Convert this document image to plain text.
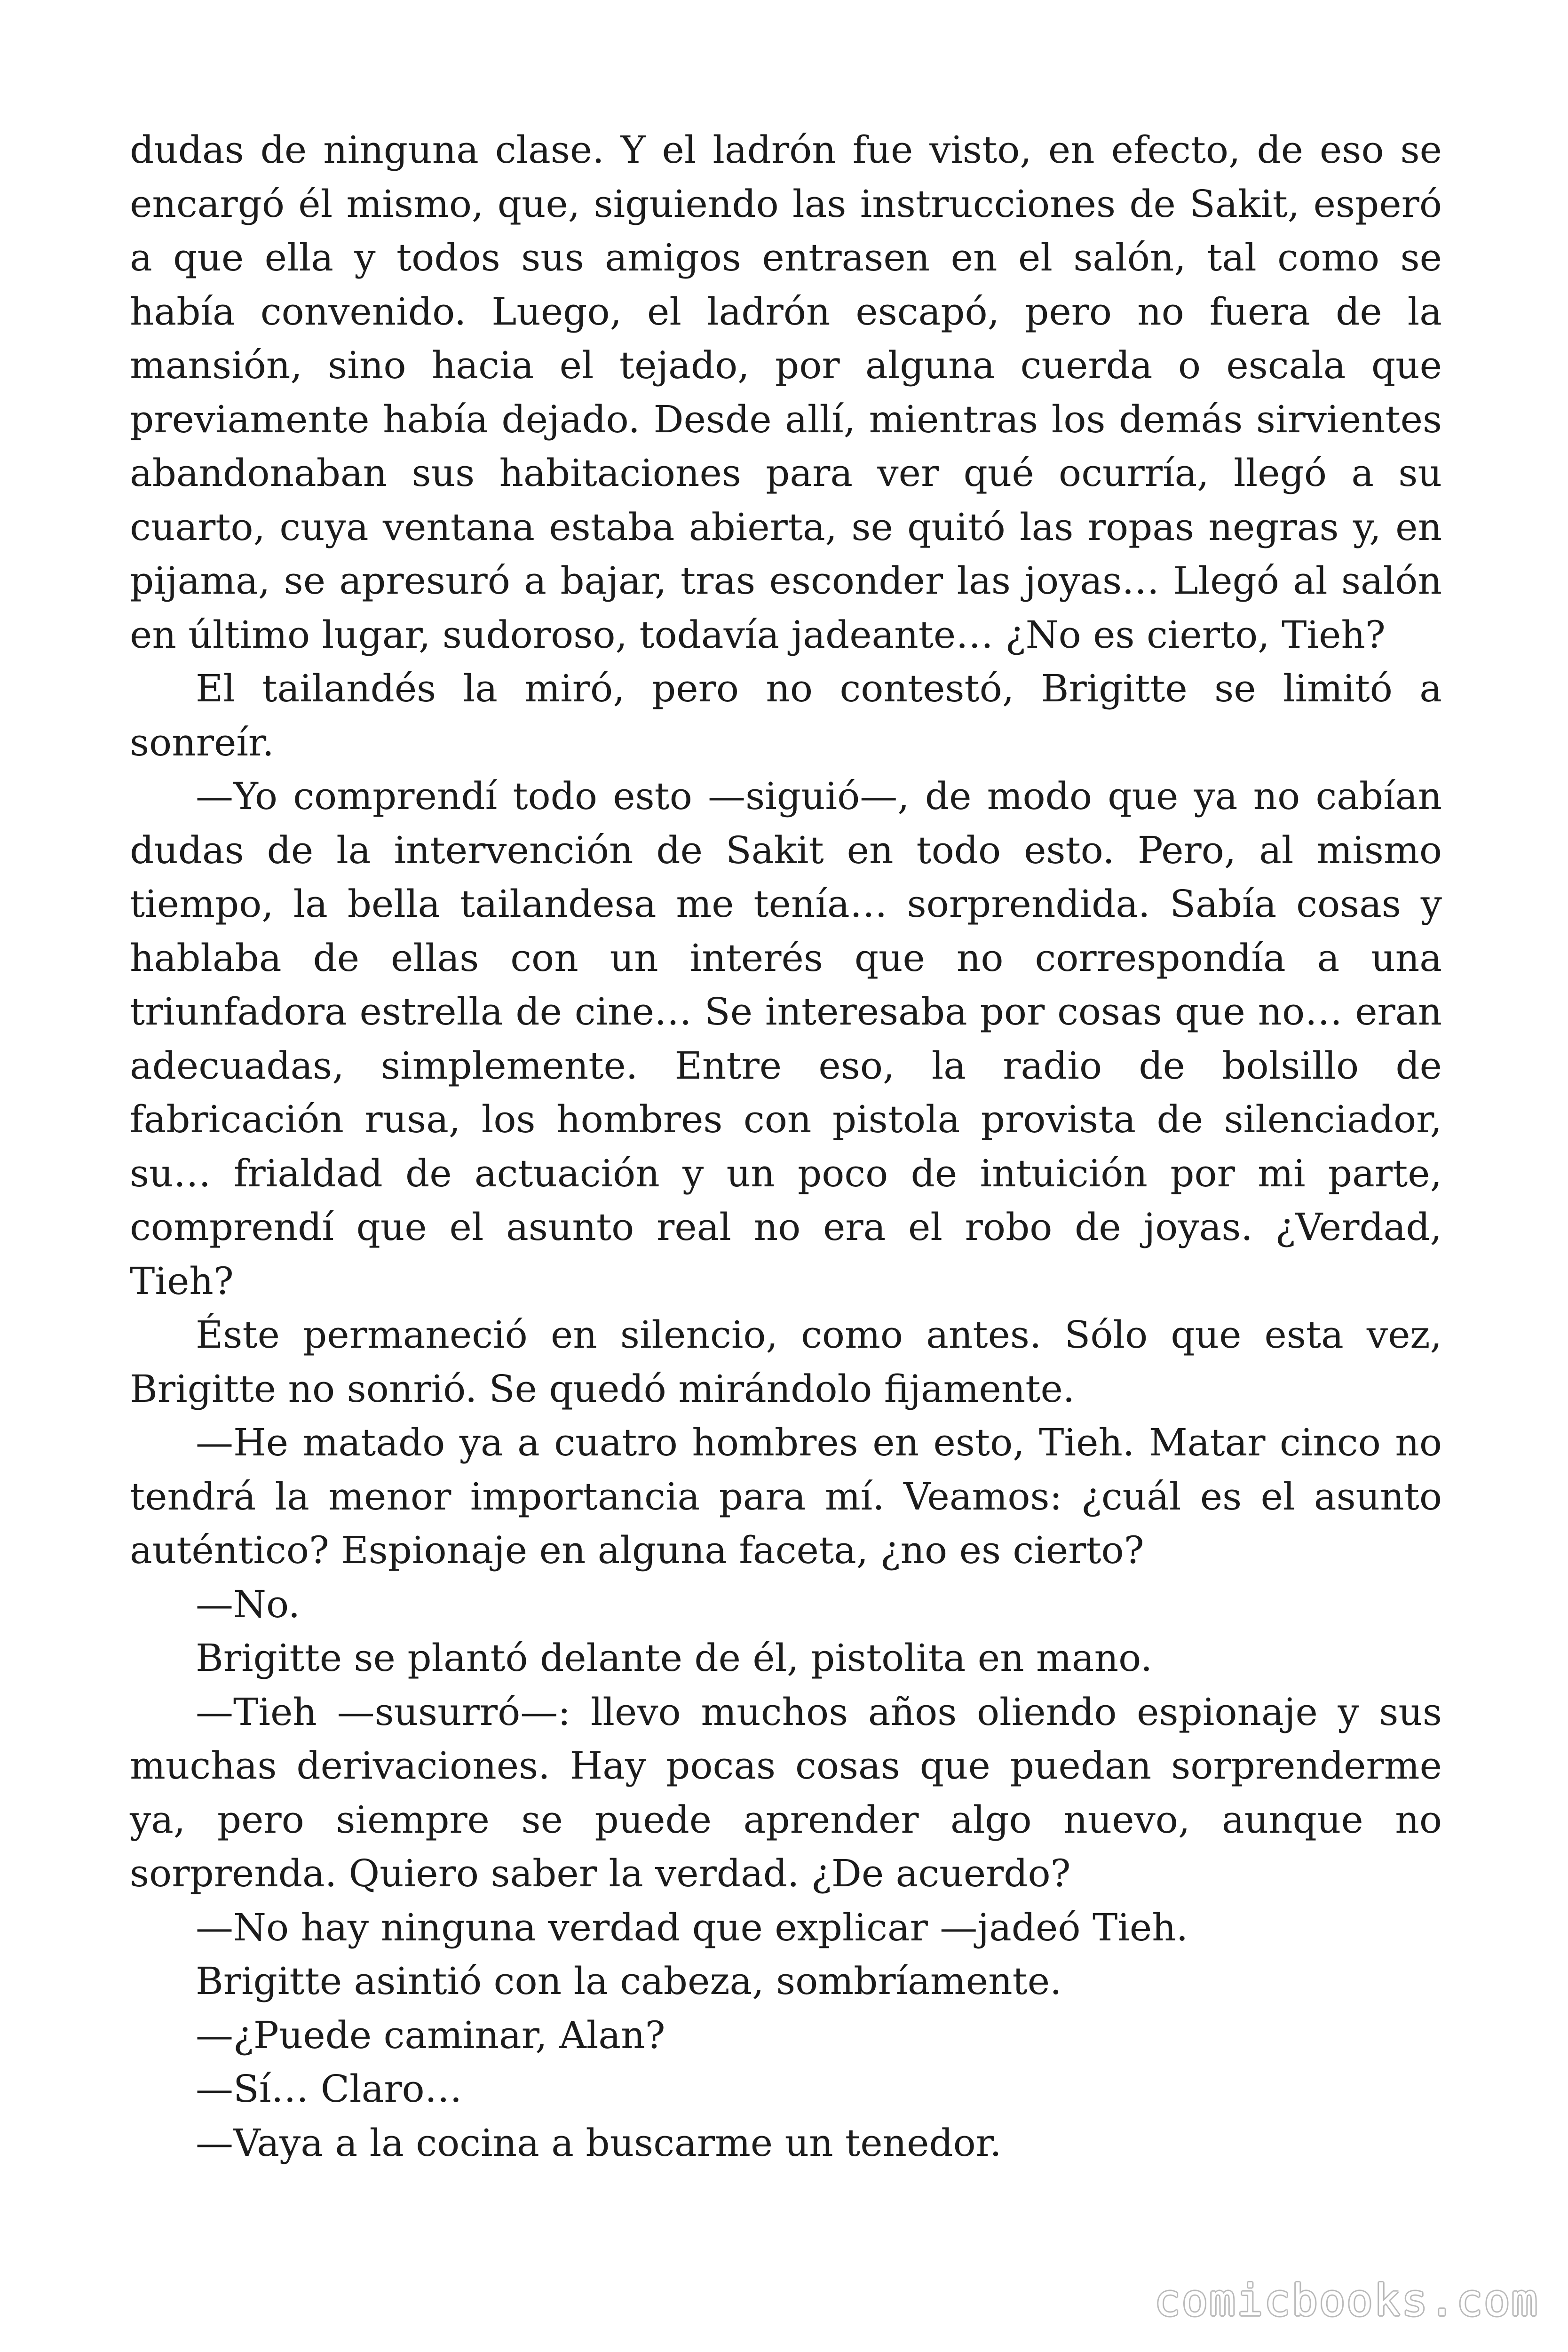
dudas de ninguna clase. Y el ladrón fue visto, en efecto, de eso se encargó él mismo, que, siguiendo las instrucciones de Sakit, esperó a que ella y todos sus amigos entrasen en el salón, tal como se había convenido. Luego, el ladrón escapó, pero no fuera de la mansión, sino hacia el tejado, por alguna cuerda o escala que previamente había dejado. Desde allí, mientras los demás sirvientes abandonaban sus habitaciones para ver qué ocurría, llegó a su cuarto, cuya ventana estaba abierta, se quitó las ropas negras y, en pijama, se apresuró a bajar, tras esconder las joyas… Llegó al salón en último lugar, sudoroso, todavía jadeante… ¿No es cierto, Tieh?

El tailandés la miró, pero no contestó, Brigitte se limitó a sonreír.

—Yo comprendí todo esto —siguió—, de modo que ya no cabían dudas de la intervención de Sakit en todo esto. Pero, al mismo tiempo, la bella tailandesa me tenía… sorprendida. Sabía cosas y hablaba de ellas con un interés que no correspondía a una triunfadora estrella de cine… Se interesaba por cosas que no… eran adecuadas, simplemente. Entre eso, la radio de bolsillo de fabricación rusa, los hombres con pistola provista de silenciador, su… frialdad de actuación y un poco de intuición por mi parte, comprendí que el asunto real no era el robo de joyas. ¿Verdad, Tieh?

Éste permaneció en silencio, como antes. Sólo que esta vez, Brigitte no sonrió. Se quedó mirándolo fijamente.

—He matado ya a cuatro hombres en esto, Tieh. Matar cinco no tendrá la menor importancia para mí. Veamos: ¿cuál es el asunto auténtico? Espionaje en alguna faceta, ¿no es cierto?

—No.

Brigitte se plantó delante de él, pistolita en mano.

—Tieh —susurró—: llevo muchos años oliendo espionaje y sus muchas derivaciones. Hay pocas cosas que puedan sorprenderme ya, pero siempre se puede aprender algo nuevo, aunque no sorprenda. Quiero saber la verdad. ¿De acuerdo?

—No hay ninguna verdad que explicar —jadeó Tieh.

Brigitte asintió con la cabeza, sombríamente.

—¿Puede caminar, Alan?

—Sí… Claro…

—Vaya a la cocina a buscarme un tenedor.

comicbooks.com
